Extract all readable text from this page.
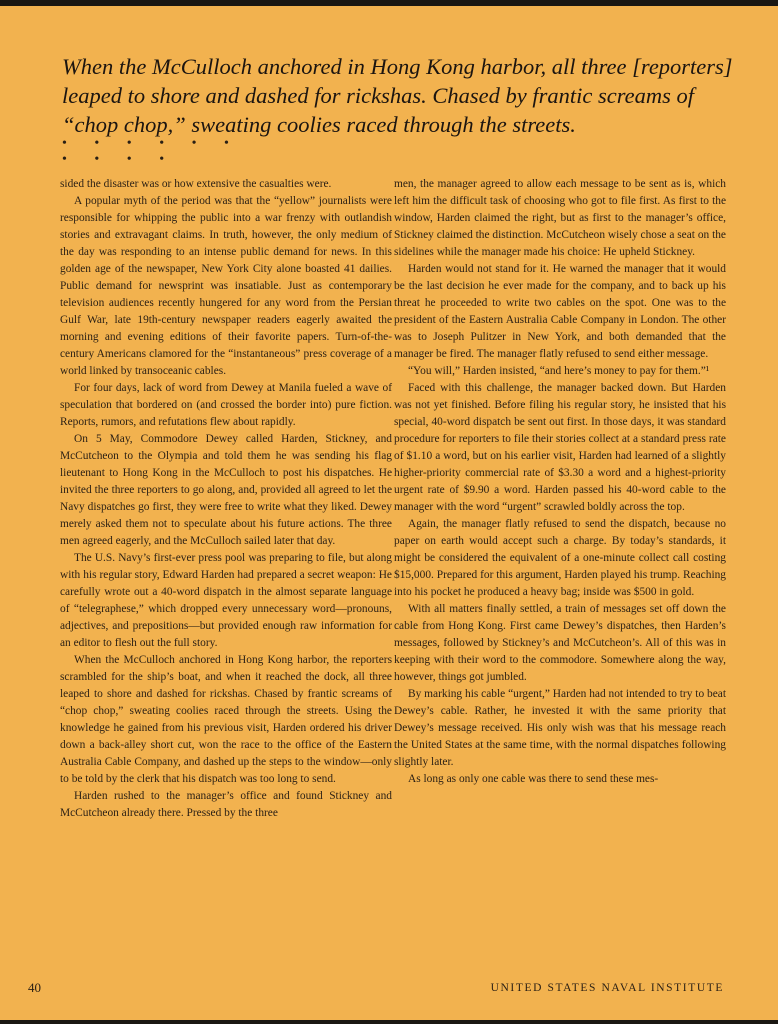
When the McCulloch anchored in Hong Kong harbor, all three [reporters] leaped to shore and dashed for rickshas. Chased by frantic screams of “chop chop,” sweating coolies raced through the streets.
• • • • • • • • • •

sided the disaster was or how extensive the casualties were.

A popular myth of the period was that the “yellow” journalists were responsible for whipping the public into a war frenzy with outlandish stories and extravagant claims. In truth, however, the only medium of the day was responding to an intense public demand for news. In this golden age of the newspaper, New York City alone boasted 41 dailies. Public demand for newsprint was insatiable. Just as contemporary television audiences recently hungered for any word from the Persian Gulf War, late 19th-century newspaper readers eagerly awaited the morning and evening editions of their favorite papers. Turn-of-the-century Americans clamored for the “instantaneous” press coverage of a world linked by transoceanic cables.

For four days, lack of word from Dewey at Manila fueled a wave of speculation that bordered on (and crossed the border into) pure fiction. Reports, rumors, and refutations flew about rapidly.

On 5 May, Commodore Dewey called Harden, Stickney, and McCutcheon to the Olympia and told them he was sending his flag lieutenant to Hong Kong in the McCulloch to post his dispatches. He invited the three reporters to go along, and, provided all agreed to let the Navy dispatches go first, they were free to write what they liked. Dewey merely asked them not to speculate about his future actions. The three men agreed eagerly, and the McCulloch sailed later that day.

The U.S. Navy’s first-ever press pool was preparing to file, but along with his regular story, Edward Harden had prepared a secret weapon: He carefully wrote out a 40-word dispatch in the almost separate language of “telegraphese,” which dropped every unnecessary word—pronouns, adjectives, and prepositions—but provided enough raw information for an editor to flesh out the full story.

When the McCulloch anchored in Hong Kong harbor, the reporters scrambled for the ship’s boat, and when it reached the dock, all three leaped to shore and dashed for rickshas. Chased by frantic screams of “chop chop,” sweating coolies raced through the streets. Using the knowledge he gained from his previous visit, Harden ordered his driver down a back-alley short cut, won the race to the office of the Eastern Australia Cable Company, and dashed up the steps to the window—only to be told by the clerk that his dispatch was too long to send.

Harden rushed to the manager’s office and found Stickney and McCutcheon already there. Pressed by the three

men, the manager agreed to allow each message to be sent as is, which left him the difficult task of choosing who got to file first. As first to the window, Harden claimed the right, but as first to the manager’s office, Stickney claimed the distinction. McCutcheon wisely chose a seat on the sidelines while the manager made his choice: He upheld Stickney.

Harden would not stand for it. He warned the manager that it would be the last decision he ever made for the company, and to back up his threat he proceeded to write two cables on the spot. One was to the president of the Eastern Australia Cable Company in London. The other was to Joseph Pulitzer in New York, and both demanded that the manager be fired. The manager flatly refused to send either message.

“You will,” Harden insisted, “and here’s money to pay for them.”¹

Faced with this challenge, the manager backed down. But Harden was not yet finished. Before filing his regular story, he insisted that his special, 40-word dispatch be sent out first. In those days, it was standard procedure for reporters to file their stories collect at a standard press rate of $1.10 a word, but on his earlier visit, Harden had learned of a slightly higher-priority commercial rate of $3.30 a word and a highest-priority urgent rate of $9.90 a word. Harden passed his 40-word cable to the manager with the word “urgent” scrawled boldly across the top.

Again, the manager flatly refused to send the dispatch, because no paper on earth would accept such a charge. By today’s standards, it might be considered the equivalent of a one-minute collect call costing $15,000. Prepared for this argument, Harden played his trump. Reaching into his pocket he produced a heavy bag; inside was $500 in gold.

With all matters finally settled, a train of messages set off down the cable from Hong Kong. First came Dewey’s dispatches, then Harden’s messages, followed by Stickney’s and McCutcheon’s. All of this was in keeping with their word to the commodore. Somewhere along the way, however, things got jumbled.

By marking his cable “urgent,” Harden had not intended to try to beat Dewey’s cable. Rather, he invested it with the same priority that Dewey’s message received. His only wish was that his message reach the United States at the same time, with the normal dispatches following slightly later.

As long as only one cable was there to send these mes-

40	UNITED STATES NAVAL INSTITUTE
